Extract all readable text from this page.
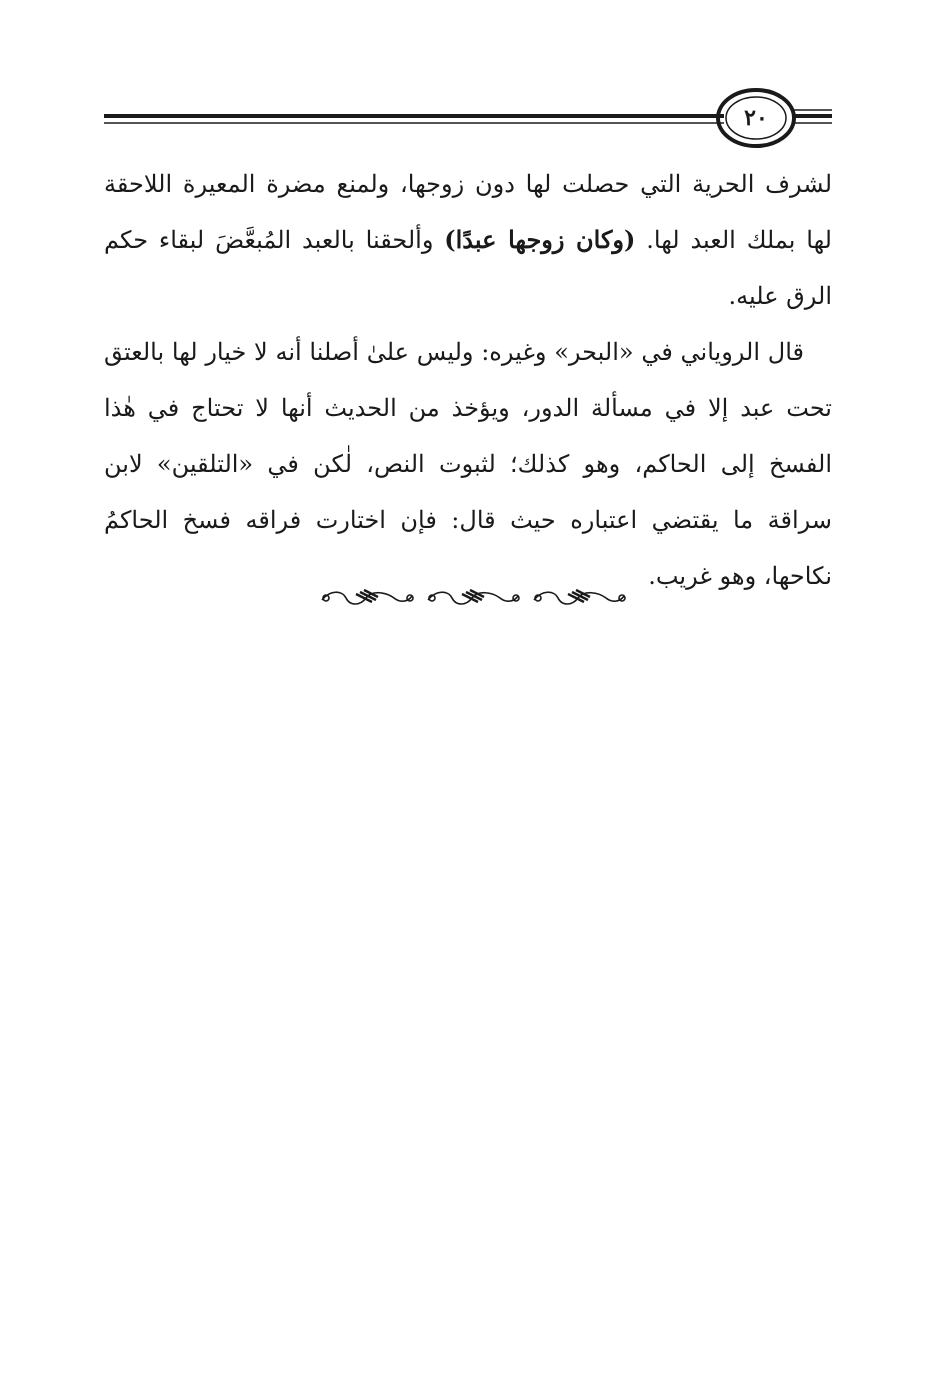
٢٠

لشرف الحرية التي حصلت لها دون زوجها، ولمنع مضرة المعيرة اللاحقة لها بملك العبد لها. (وكان زوجها عبدًا) وألحقنا بالعبد المُبعَّضَ لبقاء حكم الرق عليه.

قال الروياني في «البحر» وغيره: وليس علىٰ أصلنا أنه لا خيار لها بالعتق تحت عبد إلا في مسألة الدور، ويؤخذ من الحديث أنها لا تحتاج في هٰذا الفسخ إلى الحاكم، وهو كذلك؛ لثبوت النص، لٰكن في «التلقين» لابن سراقة ما يقتضي اعتباره حيث قال: فإن اختارت فراقه فسخ الحاكمُ نكاحها، وهو غريب.
